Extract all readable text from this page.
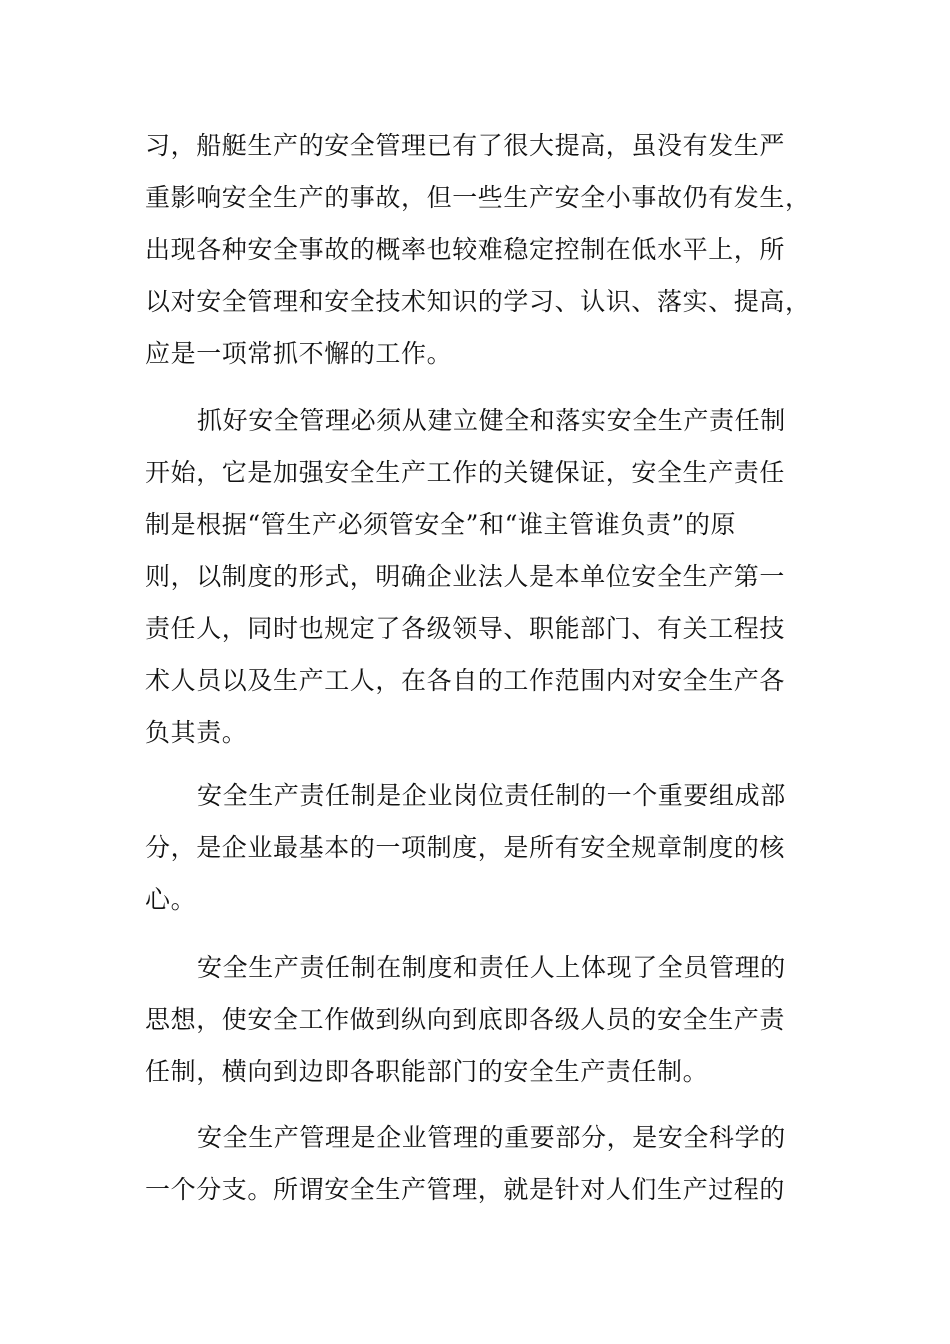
习，船艇生产的安全管理已有了很大提高，虽没有发生严
重影响安全生产的事故，但一些生产安全小事故仍有发生，
出现各种安全事故的概率也较难稳定控制在低水平上，所
以对安全管理和安全技术知识的学习、认识、落实、提高，
应是一项常抓不懈的工作。
抓好安全管理必须从建立健全和落实安全生产责任制
开始，它是加强安全生产工作的关键保证，安全生产责任
制是根据“管生产必须管安全”和“谁主管谁负责”的原
则，以制度的形式，明确企业法人是本单位安全生产第一
责任人，同时也规定了各级领导、职能部门、有关工程技
术人员以及生产工人，在各自的工作范围内对安全生产各
负其责。
安全生产责任制是企业岗位责任制的一个重要组成部
分，是企业最基本的一项制度，是所有安全规章制度的核
心。
安全生产责任制在制度和责任人上体现了全员管理的
思想，使安全工作做到纵向到底即各级人员的安全生产责
任制，横向到边即各职能部门的安全生产责任制。
安全生产管理是企业管理的重要部分，是安全科学的
一个分支。所谓安全生产管理，就是针对人们生产过程的
